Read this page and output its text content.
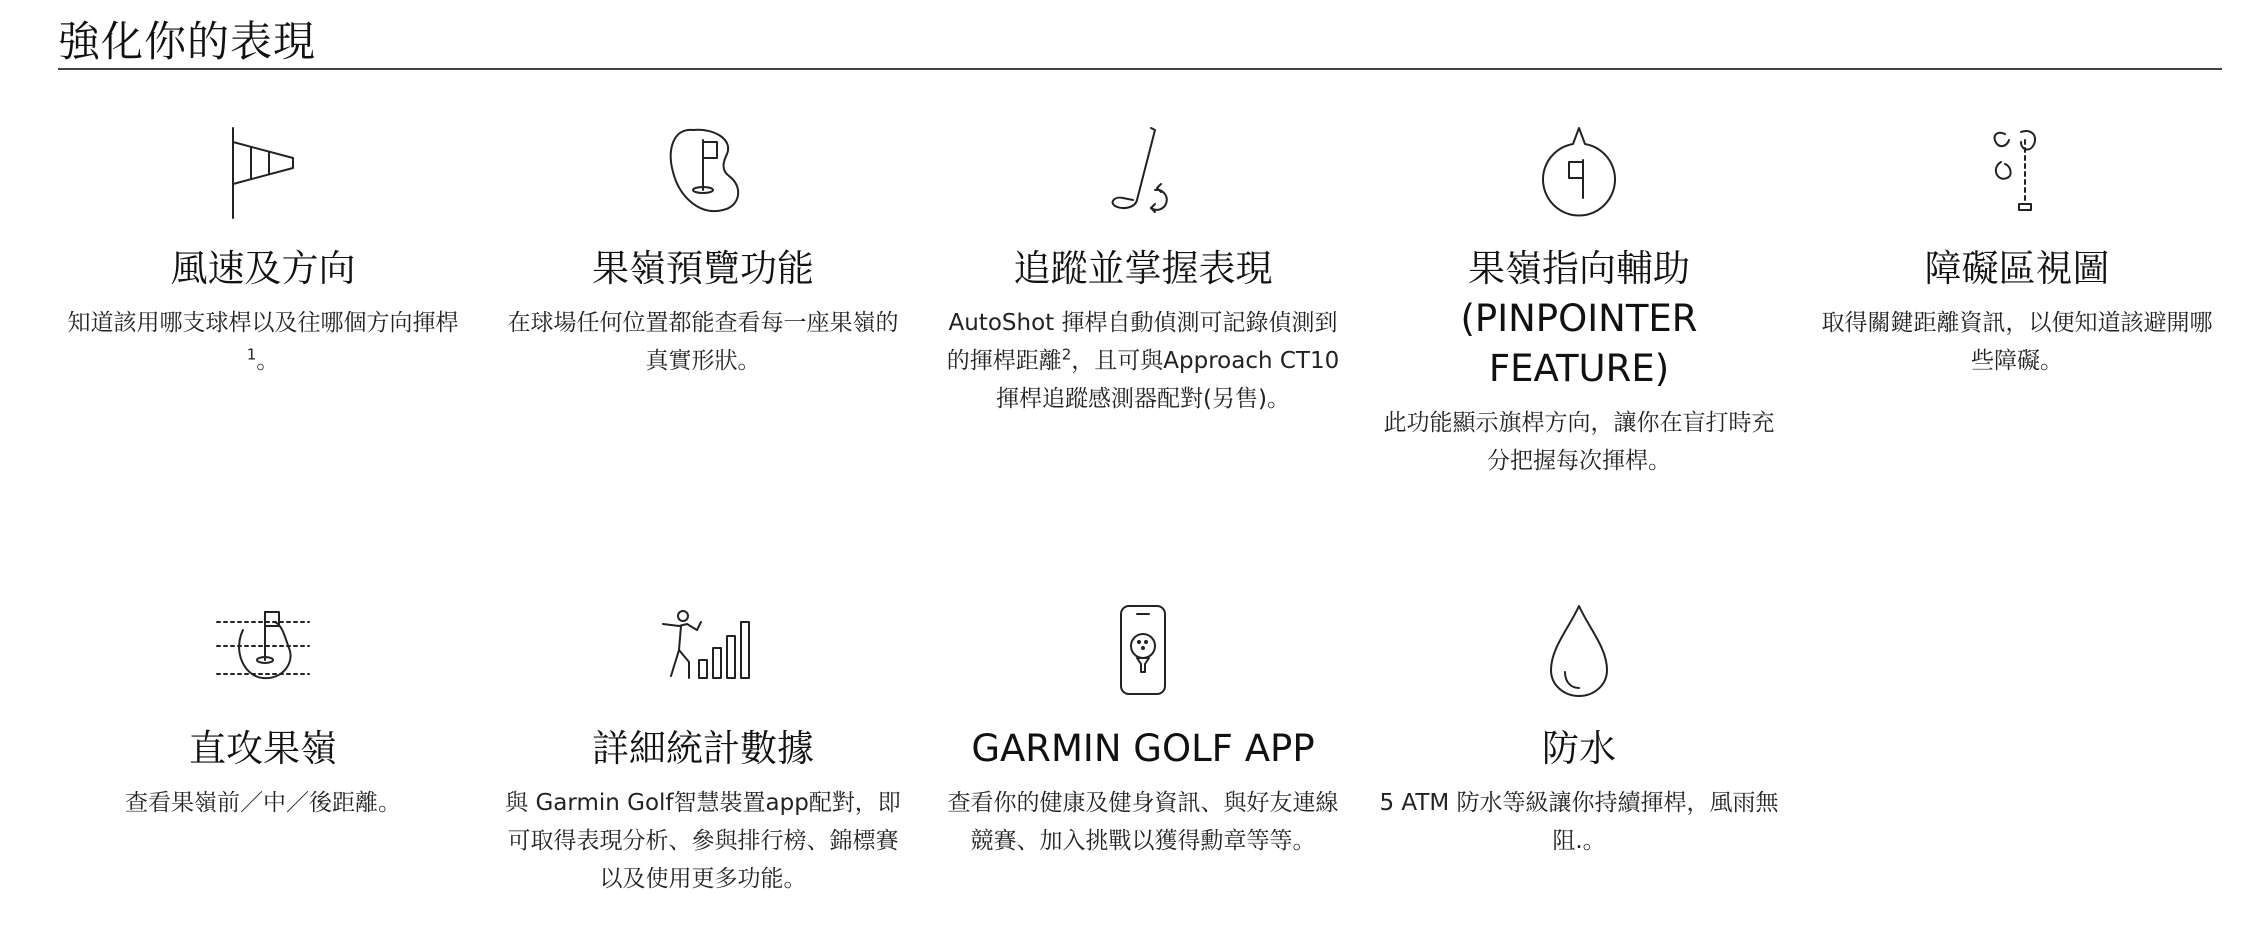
強化你的表現
風速及方向
知道該用哪支球桿以及往哪個方向揮桿$^1$。
果嶺預覽功能
在球場任何位置都能查看每一座果嶺的真實形狀。
追蹤並掌握表現
AutoShot 揮桿自動偵測可記錄偵測到的揮桿距離$^2$，且可與Approach CT10 揮桿追蹤感測器配對(另售)。
果嶺指向輔助 (PINPOINTER FEATURE)
此功能顯示旗桿方向，讓你在盲打時充分把握每次揮桿。
障礙區視圖
取得關鍵距離資訊，以便知道該避開哪些障礙。
直攻果嶺
查看果嶺前／中／後距離。
詳細統計數據
與 Garmin Golf智慧裝置app配對，即可取得表現分析、參與排行榜、錦標賽以及使用更多功能。
GARMIN GOLF APP
查看你的健康及健身資訊、與好友連線競賽、加入挑戰以獲得勳章等等。
防水
5 ATM 防水等級讓你持續揮桿，風雨無阻.。
